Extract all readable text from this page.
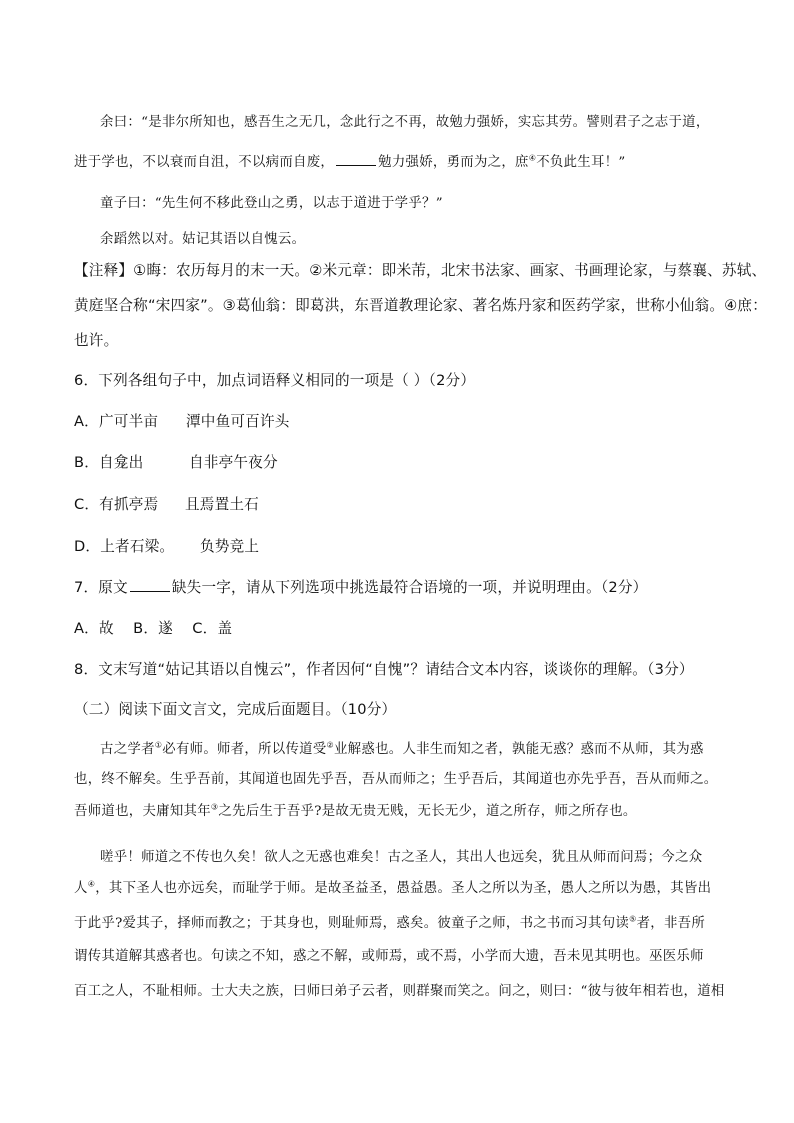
余曰：“是非尔所知也，感吾生之无几，念此行之不再，故勉力强娇，实忘其劳。譬则君子之志于道，
进于学也，不以衰而自沮，不以病而自废，	勉力强娇，勇而为之，庶④不负此生耳！”
童子曰：“先生何不移此登山之勇，以志于道进于学乎？”
余蹈然以对。姑记其语以自愧云。
【注释】①晦：农历每月的末一天。②米元章：即米芾，北宋书法家、画家、书画理论家，与蔡襄、苏轼、
黄庭坚合称“宋四家”。③葛仙翁：即葛洪，东晋道教理论家、著名炼丹家和医药学家，世称小仙翁。④庶：
也许。
6．下列各组句子中，加点词语释义相同的一项是（ ）（2分）
A．广可半亩 潭中鱼可百许头
B．自龛出	自非亭午夜分
C．有抓亭焉 且焉置土石
D．上者石梁。 负势竞上
7．原文	缺失一字，请从下列选项中挑选最符合语境的一项，并说明理由。（2分）
A．故    B．遂    C．盖
8．文末写道“姑记其语以自愧云”，作者因何“自愧”？请结合文本内容，谈谈你的理解。（3分）
（二）阅读下面文言文，完成后面题目。（10分）
古之学者①必有师。师者，所以传道受②业解惑也。人非生而知之者，孰能无惑？惑而不从师，其为惑
也，终不解矣。生乎吾前，其闻道也固先乎吾，吾从而师之；生乎吾后，其闻道也亦先乎吾，吾从而师之。
吾师道也，夫庸知其年③之先后生于吾乎?是故无贵无贱，无长无少，道之所存，师之所存也。
嗟乎！师道之不传也久矣！欲人之无惑也难矣！古之圣人，其出人也远矣，犹且从师而问焉；今之众
人④，其下圣人也亦远矣，而耻学于师。是故圣益圣，愚益愚。圣人之所以为圣，愚人之所以为愚，其皆出
于此乎?爱其子，择师而教之；于其身也，则耻师焉，惑矣。彼童子之师，书之书而习其句读⑤者，非吾所
谓传其道解其惑者也。句读之不知，惑之不解，或师焉，或不焉，小学而大遗，吾未见其明也。巫医乐师
百工之人，不耻相师。士大夫之族，曰师曰弟子云者，则群聚而笑之。问之，则曰：“彼与彼年相若也，道相
